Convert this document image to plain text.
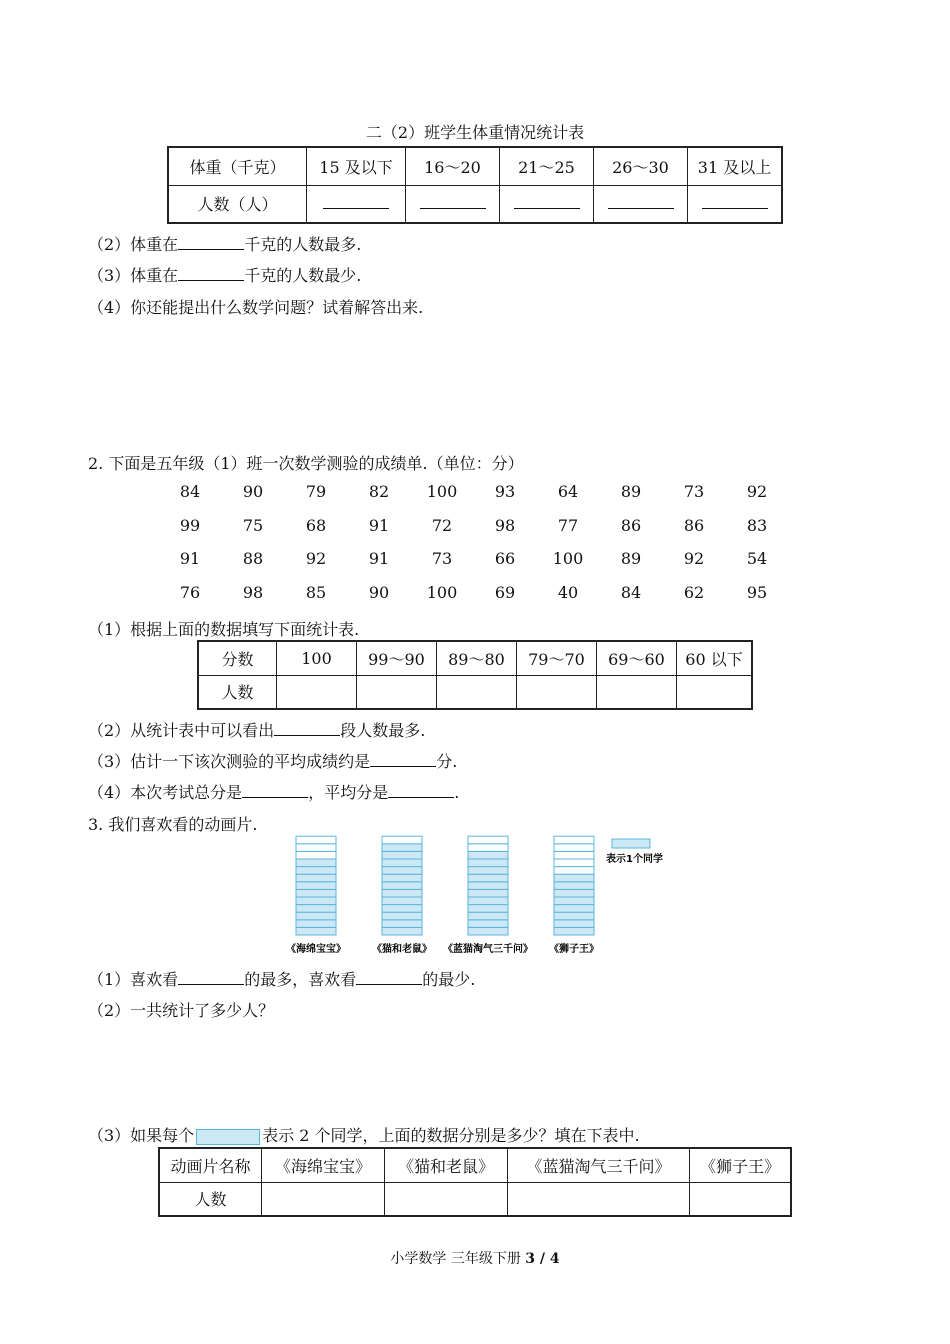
二（2）班学生体重情况统计表
体重（千克）	15 及以下	16～20	21～25	26～30	31 及以上
人数（人）					
（2）体重在	千克的人数最多.
（3）体重在	千克的人数最少.
（4）你还能提出什么数学问题？试着解答出来.
2. 下面是五年级（1）班一次数学测验的成绩单.（单位：分）
84	90	79	82	100	93	64	89	73	92
99	75	68	91	72	98	77	86	86	83
91	88	92	91	73	66	100	89	92	54
76	98	85	90	100	69	40	84	62	95
（1）根据上面的数据填写下面统计表.
分数	100	99～90	89～80	79～70	69～60	60 以下
人数						
（2）从统计表中可以看出	段人数最多.
（3）估计一下该次测验的平均成绩约是	分.
（4）本次考试总分是	，平均分是	.
3. 我们喜欢看的动画片.
《海绵宝宝》	《猫和老鼠》 《蓝猫淘气三千问》 《狮子王》
表示1个同学
（1）喜欢看	的最多，喜欢看	的最少.
（2）一共统计了多少人？
（3）如果每个	表示 2 个同学，上面的数据分别是多少？填在下表中.
动画片名称	《海绵宝宝》	《猫和老鼠》	《蓝猫淘气三千问》	《狮子王》
人数				
小学数学 三年级下册 3 / 4
